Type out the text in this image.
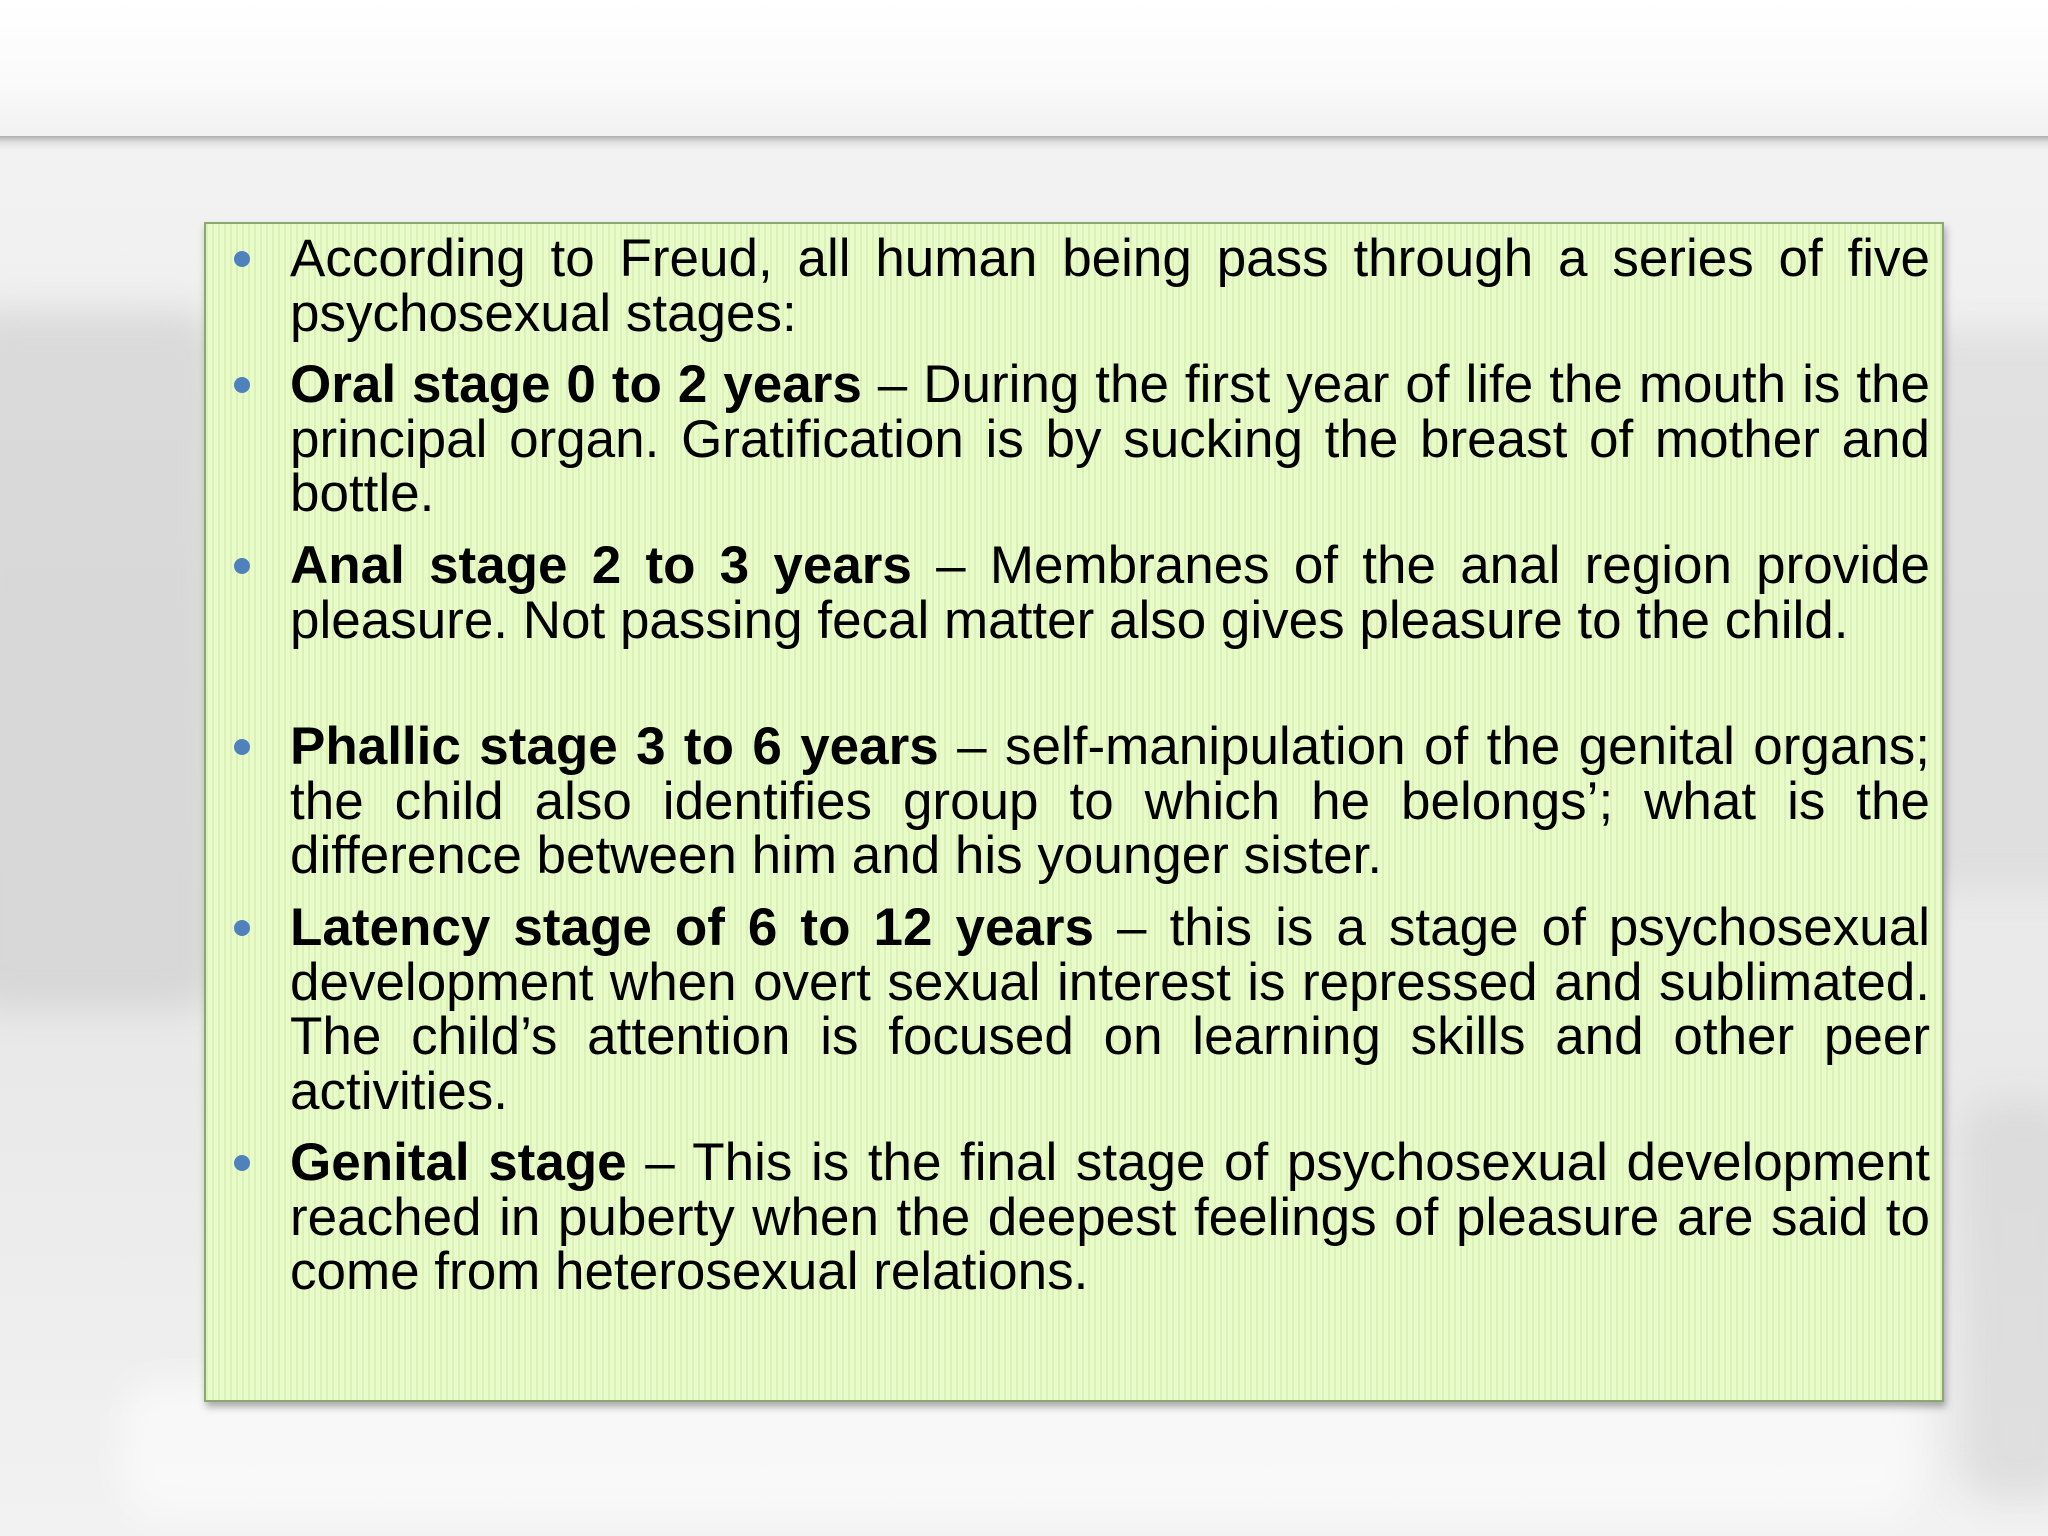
According to Freud, all human being pass through a series of five psychosexual stages:
Oral stage 0 to 2 years – During the first year of life the mouth is the principal organ. Gratification is by sucking the breast of mother and bottle.
Anal stage 2 to 3 years – Membranes of the anal region provide pleasure. Not passing fecal matter also gives pleasure to the child.
Phallic stage 3 to 6 years – self-manipulation of the genital organs; the child also identifies group to which he belongs’; what is the difference between him and his younger sister.
Latency stage of 6 to 12 years – this is a stage of psychosexual development when overt sexual interest is repressed and sublimated. The child’s attention is focused on learning skills and other peer activities.
Genital stage – This is the final stage of psychosexual development reached in puberty when the deepest feelings of pleasure are said to come from heterosexual relations.
